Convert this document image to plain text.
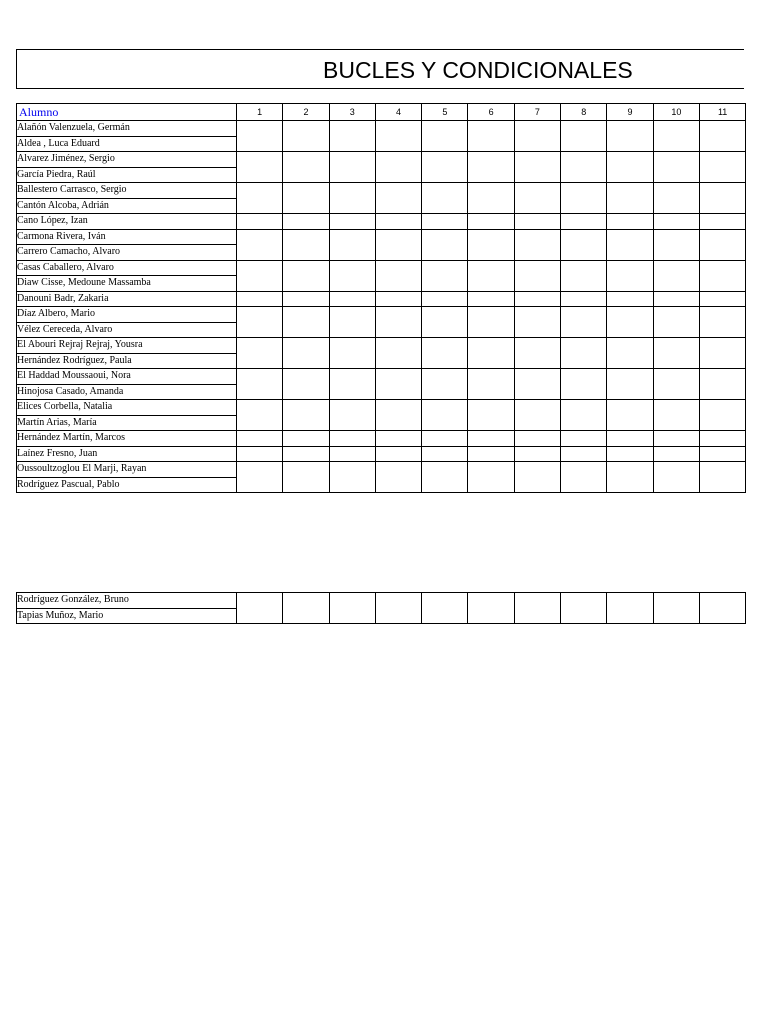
BUCLES Y CONDICIONALES
Alumno	1	2	3	4	5	6	7	8	9	10	11
Alañón Valenzuela, Germán											
Aldea , Luca Eduard											
Alvarez Jiménez, Sergio											
García Piedra, Raúl											
Ballestero Carrasco, Sergio											
Cantón Alcoba, Adrián											
Cano López, Izan											
Carmona Rivera, Iván											
Carrero Camacho, Alvaro											
Casas Caballero, Alvaro											
Diaw Cisse, Medoune Massamba											
Danouni Badr, Zakaria											
Díaz Albero, Mario											
Vélez Cereceda, Alvaro											
El Abouri Rejraj Rejraj, Yousra											
Hernández Rodríguez, Paula											
El Haddad Moussaoui, Nora											
Hinojosa Casado, Amanda											
Elices Corbella, Natalia											
Martín Arias, María											
Hernández Martín, Marcos											
Laínez Fresno, Juan											
Oussoultzoglou El Marji, Rayan											
Rodríguez Pascual, Pablo											
Rodríguez González, Bruno											
Tapias Muñoz, Mario
